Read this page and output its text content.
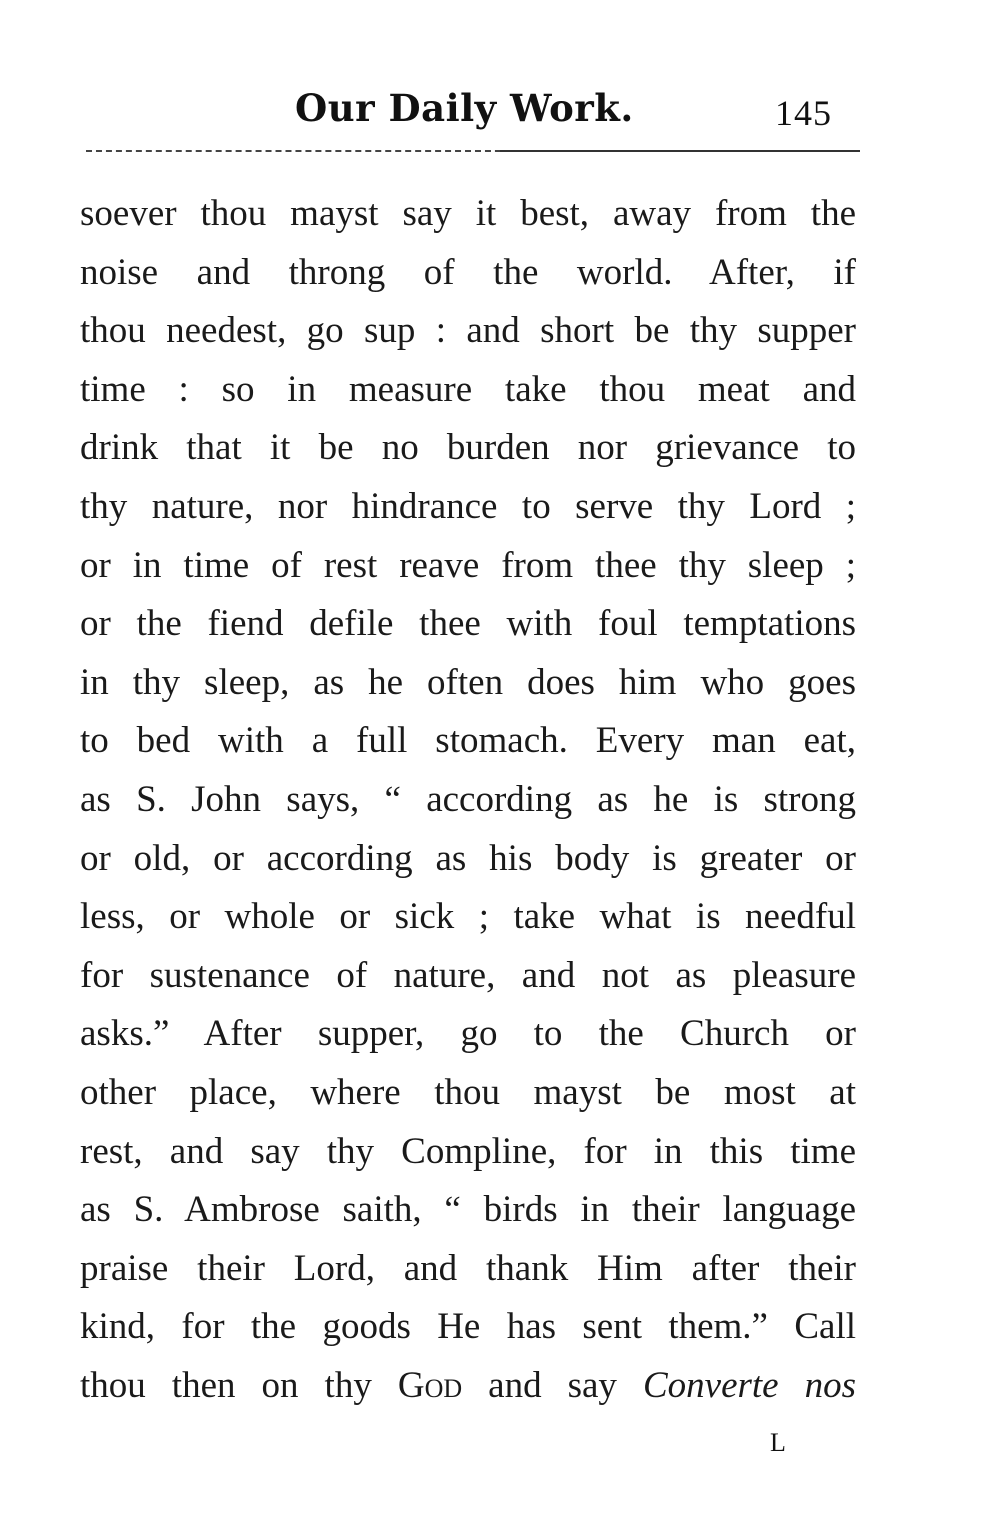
Our Daily Work.	145
soever thou mayst say it best, away from the
noise and throng of the world. After, if
thou needest, go sup : and short be thy supper
time : so in measure take thou meat and
drink that it be no burden nor grievance to
thy nature, nor hindrance to serve thy Lord ;
or in time of rest reave from thee thy sleep ;
or the fiend defile thee with foul temptations
in thy sleep, as he often does him who goes
to bed with a full stomach. Every man eat,
as S. John says, “ according as he is strong
or old, or according as his body is greater or
less, or whole or sick ; take what is needful
for sustenance of nature, and not as pleasure
asks.” After supper, go to the Church or
other place, where thou mayst be most at
rest, and say thy Compline, for in this time
as S. Ambrose saith, “ birds in their language
praise their Lord, and thank Him after their
kind, for the goods He has sent them.” Call
thou then on thy God and say Converte nos
L
